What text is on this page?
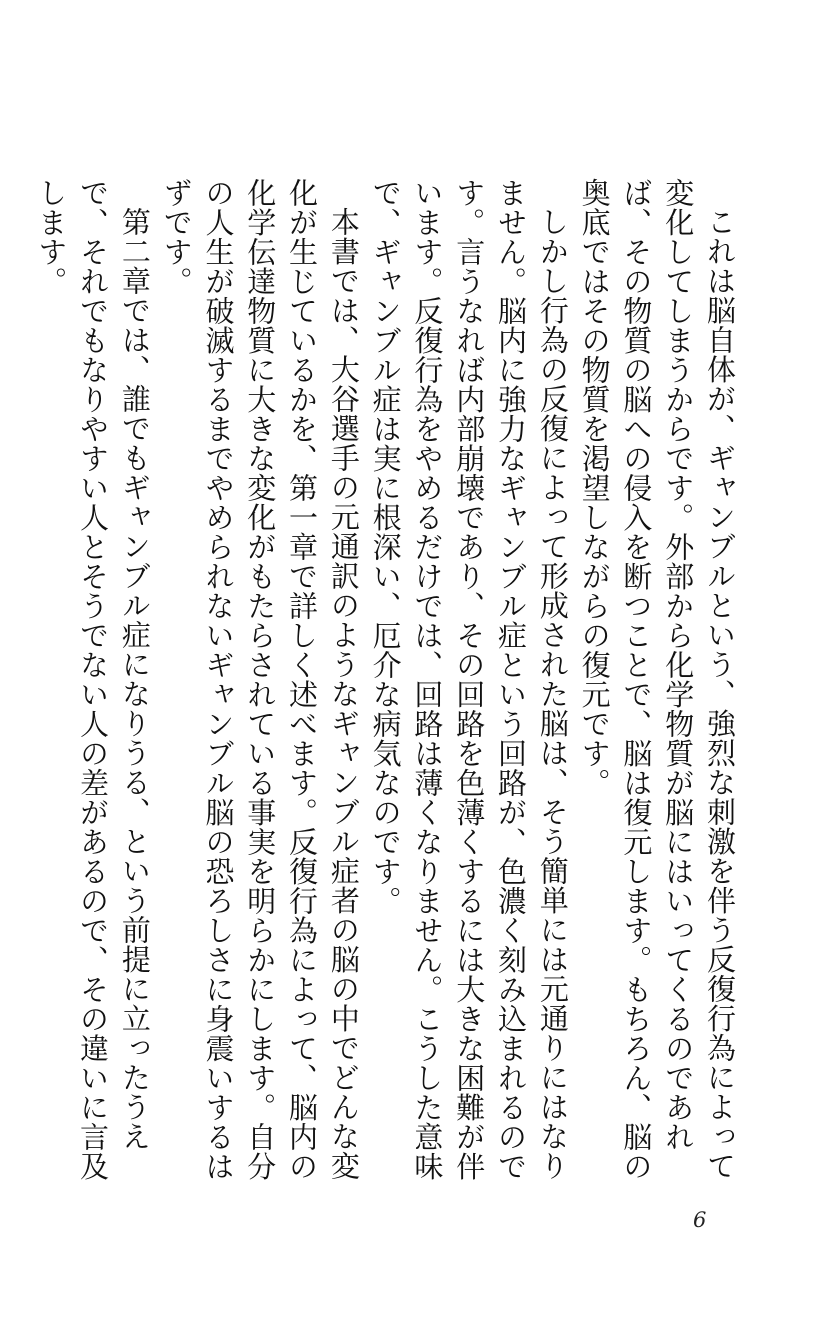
これは脳自体が、ギャンブルという、強烈な刺激を伴う反復行為によって変化してしまうからです。外部から化学物質が脳にはいってくるのであれば、その物質の脳への侵入を断つことで、脳は復元します。もちろん、脳の奥底ではその物質を渇望しながらの復元です。

しかし行為の反復によって形成された脳は、そう簡単には元通りにはなりません。脳内に強力なギャンブル症という回路が、色濃く刻み込まれるのです。言うなれば内部崩壊であり、その回路を色薄くするには大きな困難が伴います。反復行為をやめるだけでは、回路は薄くなりません。こうした意味で、ギャンブル症は実に根深い、厄介な病気なのです。

本書では、大谷選手の元通訳のようなギャンブル症者の脳の中でどんな変化が生じているかを、第一章で詳しく述べます。反復行為によって、脳内の化学伝達物質に大きな変化がもたらされている事実を明らかにします。自分の人生が破滅するまでやめられないギャンブル脳の恐ろしさに身震いするはずです。

第二章では、誰でもギャンブル症になりうる、という前提に立ったうえで、それでもなりやすい人とそうでない人の差があるので、その違いに言及します。

6
